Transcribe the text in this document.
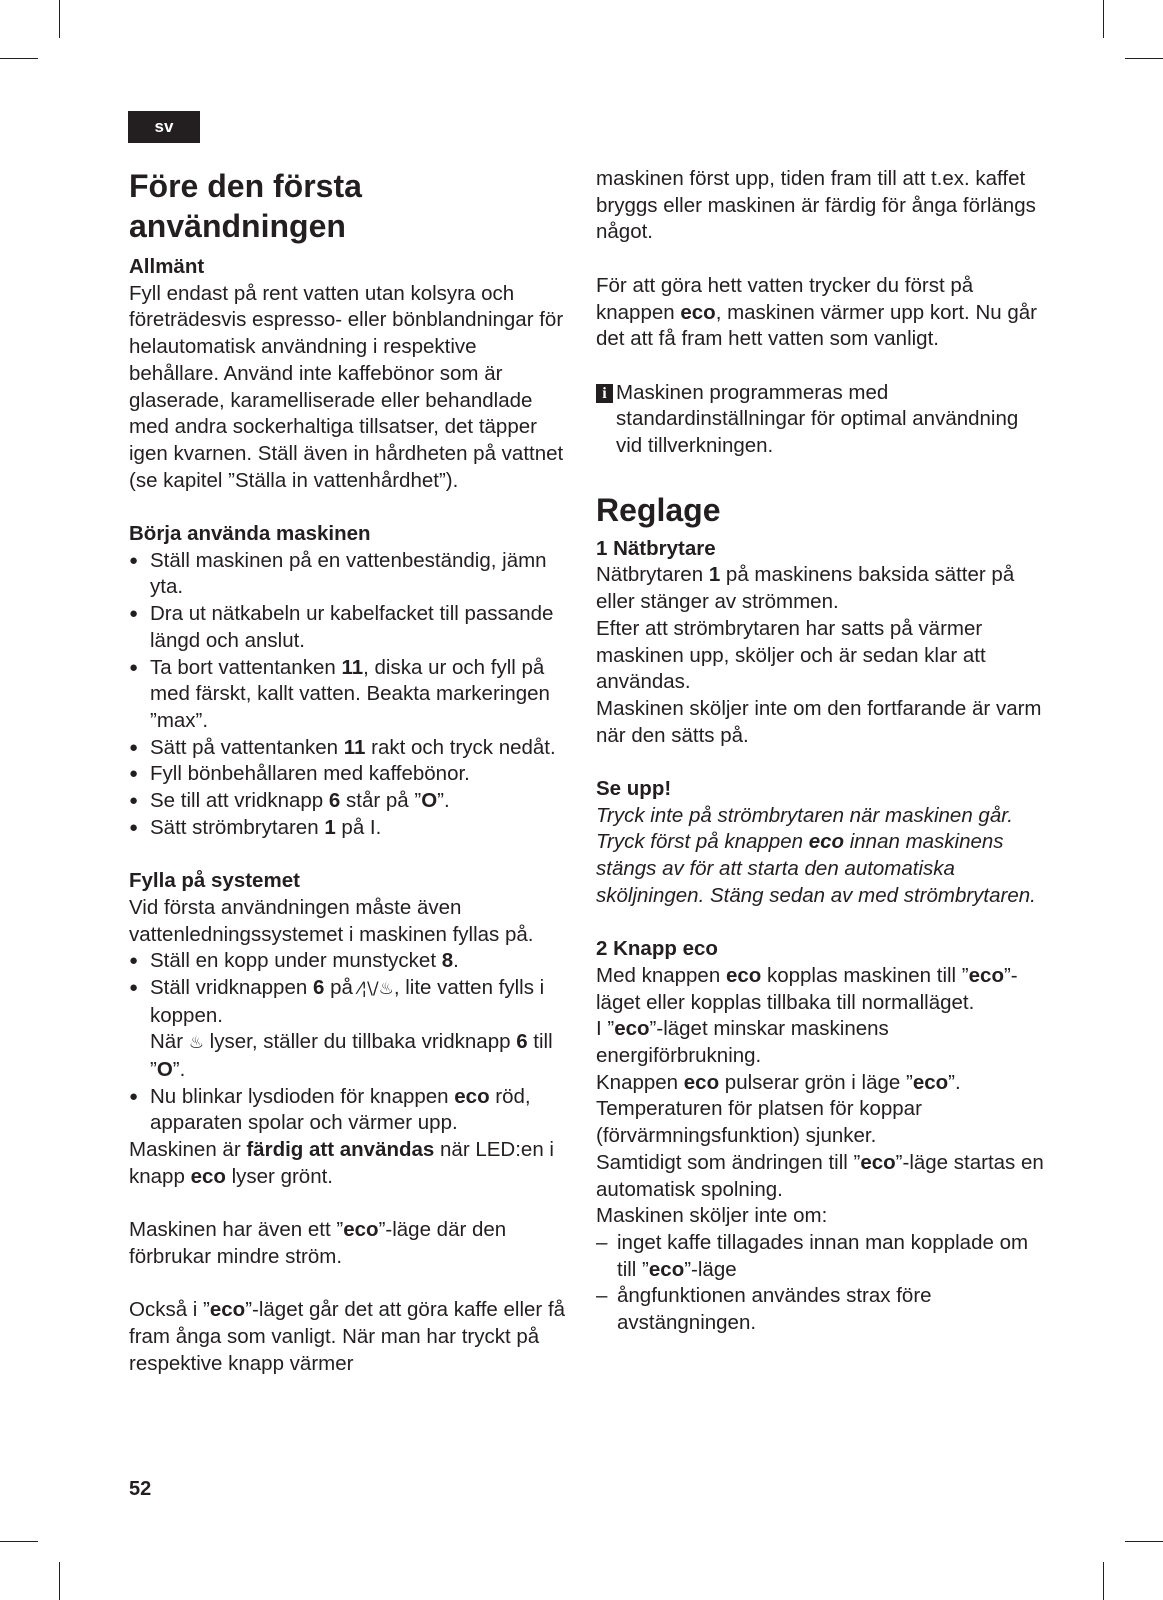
sv
Före den första användningen
Allmänt

Fyll endast på rent vatten utan kolsyra och företrädesvis espresso- eller bönblandningar för helautomatisk användning i respektive behållare. Använd inte kaffebönor som är glaserade, karamelliserade eller behandlade med andra sockerhaltiga tillsatser, det täpper igen kvarnen. Ställ även in hårdheten på vattnet (se kapitel ”Ställa in vattenhårdhet”).

Börja använda maskinen
● Ställ maskinen på en vattenbeständig, jämn yta.
● Dra ut nätkabeln ur kabelfacket till passande längd och anslut.
● Ta bort vattentanken 11, diska ur och fyll på med färskt, kallt vatten. Beakta markeringen ”max”.
● Sätt på vattentanken 11 rakt och tryck nedåt.
● Fyll bönbehållaren med kaffebönor.
● Se till att vridknapp 6 står på ”O”.
● Sätt strömbrytaren 1 på I.
Fylla på systemet

Vid första användningen måste även vattenledningssystemet i maskinen fyllas på.

● Ställ en kopp under munstycket 8.
● Ställ vridknappen 6 på ⁄¦\/♨, lite vatten fylls i koppen.
När ♨ lyser, ställer du tillbaka vridknapp 6 till ”O”.
● Nu blinkar lysdioden för knappen eco röd, apparaten spolar och värmer upp.

Maskinen är färdig att användas när LED:en i knapp eco lyser grönt.

Maskinen har även ett ”eco”-läge där den förbrukar mindre ström.

Också i ”eco”-läget går det att göra kaffe eller få fram ånga som vanligt. När man har tryckt på respektive knapp värmer

maskinen först upp, tiden fram till att t.ex. kaffet bryggs eller maskinen är färdig för ånga förlängs något.

För att göra hett vatten trycker du först på knappen eco, maskinen värmer upp kort. Nu går det att få fram hett vatten som vanligt.

i Maskinen programmeras med standardinställningar för optimal användning vid tillverkningen.
Reglage
1 Nätbrytare

Nätbrytaren 1 på maskinens baksida sätter på eller stänger av strömmen.

Efter att strömbrytaren har satts på värmer maskinen upp, sköljer och är sedan klar att användas.

Maskinen sköljer inte om den fortfarande är varm när den sätts på.

Se upp!

Tryck inte på strömbrytaren när maskinen går. Tryck först på knappen eco innan maskinens stängs av för att starta den automatiska sköljningen. Stäng sedan av med strömbrytaren.

2 Knapp eco

Med knappen eco kopplas maskinen till ”eco”-läget eller kopplas tillbaka till normalläget.

I ”eco”-läget minskar maskinens energiförbrukning.

Knappen eco pulserar grön i läge ”eco”.

Temperaturen för platsen för koppar (förvärmningsfunktion) sjunker.

Samtidigt som ändringen till ”eco”-läge startas en automatisk spolning.

Maskinen sköljer inte om:

– inget kaffe tillagades innan man kopplade om till ”eco”-läge
– ångfunktionen användes strax före avstängningen.
52
